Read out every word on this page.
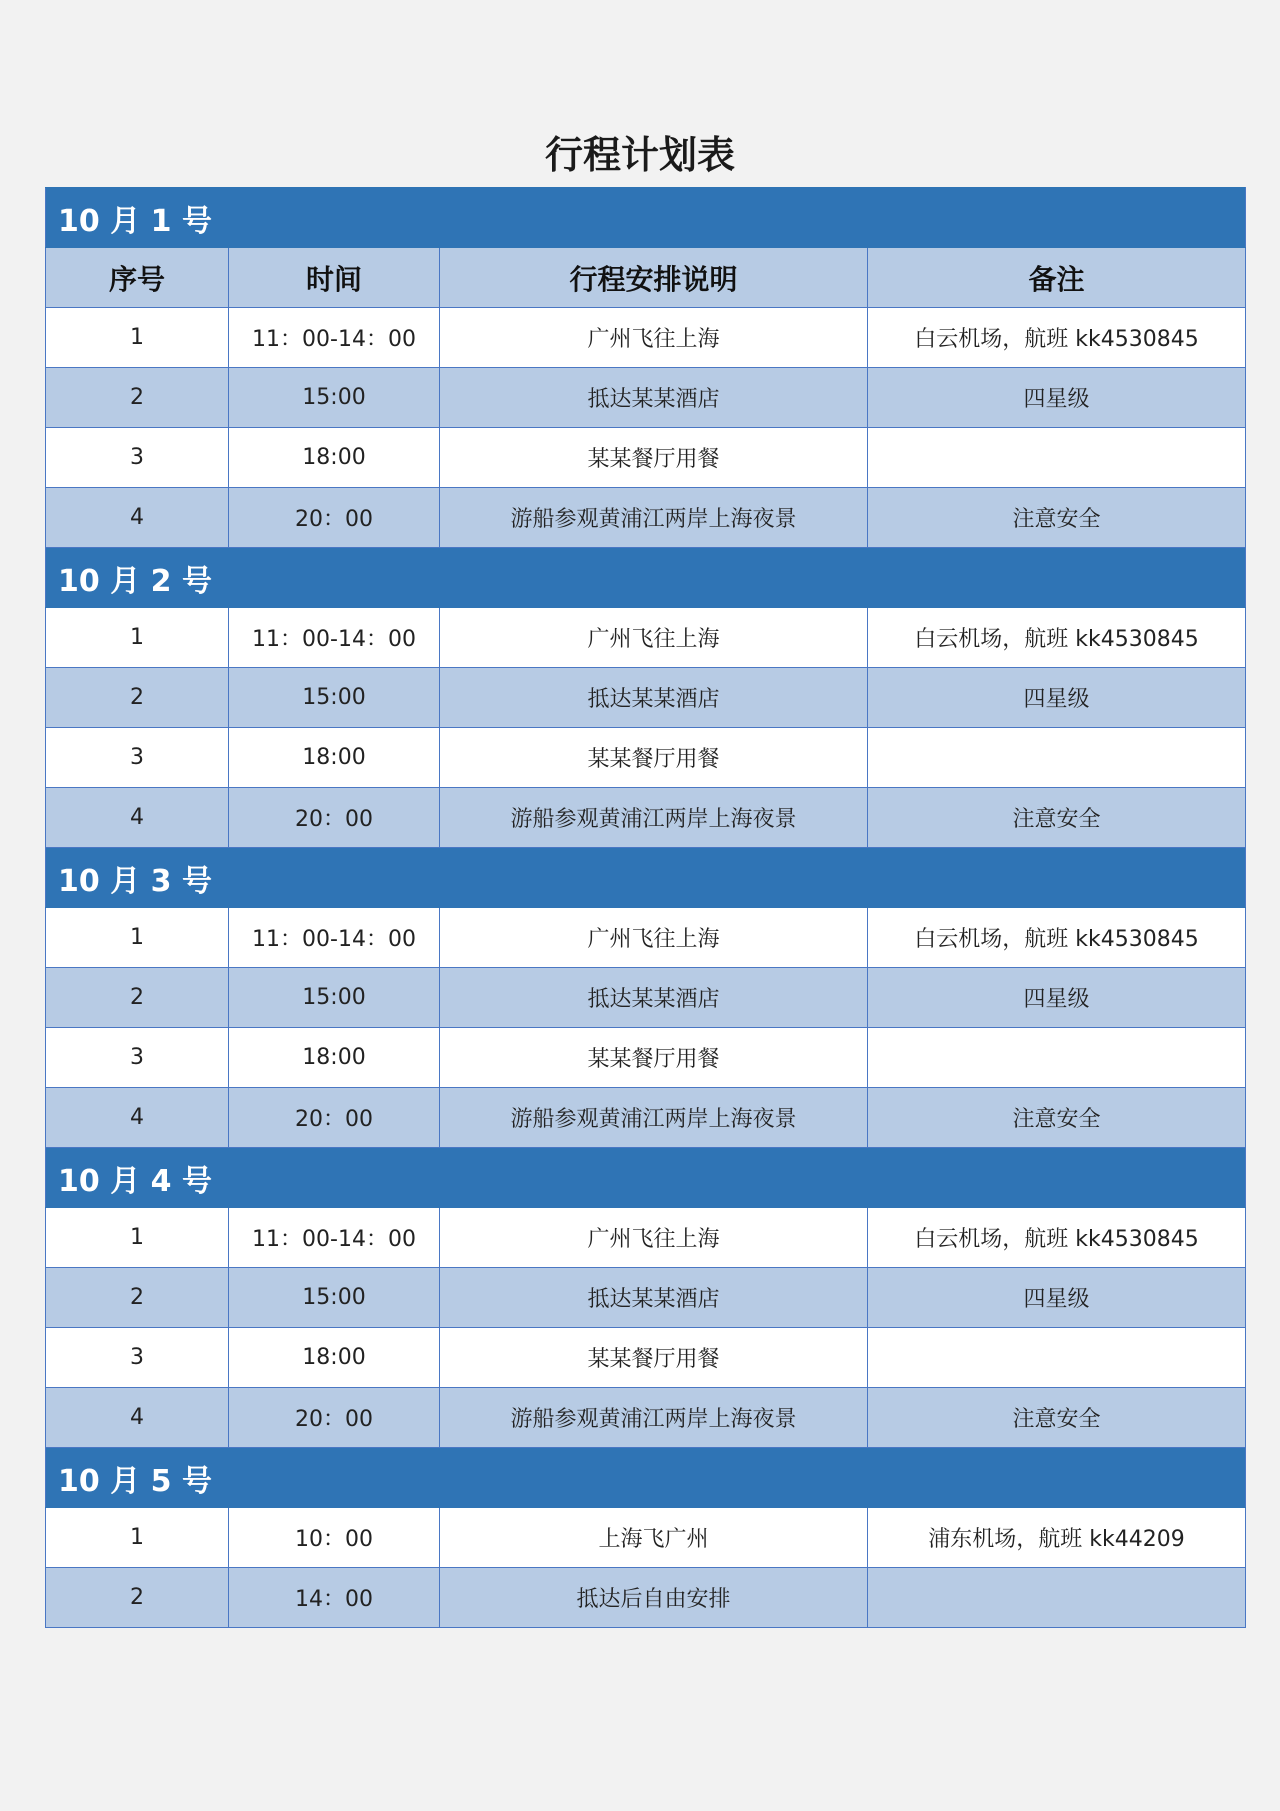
行程计划表
10 月 1 号			
序号	时间	行程安排说明	备注
1	11：00-14：00	广州飞往上海	白云机场，航班 kk4530845
2	15:00	抵达某某酒店	四星级
3	18:00	某某餐厅用餐	
4	20：00	游船参观黄浦江两岸上海夜景	注意安全
10 月 2 号			
1	11：00-14：00	广州飞往上海	白云机场，航班 kk4530845
2	15:00	抵达某某酒店	四星级
3	18:00	某某餐厅用餐	
4	20：00	游船参观黄浦江两岸上海夜景	注意安全
10 月 3 号			
1	11：00-14：00	广州飞往上海	白云机场，航班 kk4530845
2	15:00	抵达某某酒店	四星级
3	18:00	某某餐厅用餐	
4	20：00	游船参观黄浦江两岸上海夜景	注意安全
10 月 4 号			
1	11：00-14：00	广州飞往上海	白云机场，航班 kk4530845
2	15:00	抵达某某酒店	四星级
3	18:00	某某餐厅用餐	
4	20：00	游船参观黄浦江两岸上海夜景	注意安全
10 月 5 号			
1	10：00	上海飞广州	浦东机场，航班 kk44209
2	14：00	抵达后自由安排	
